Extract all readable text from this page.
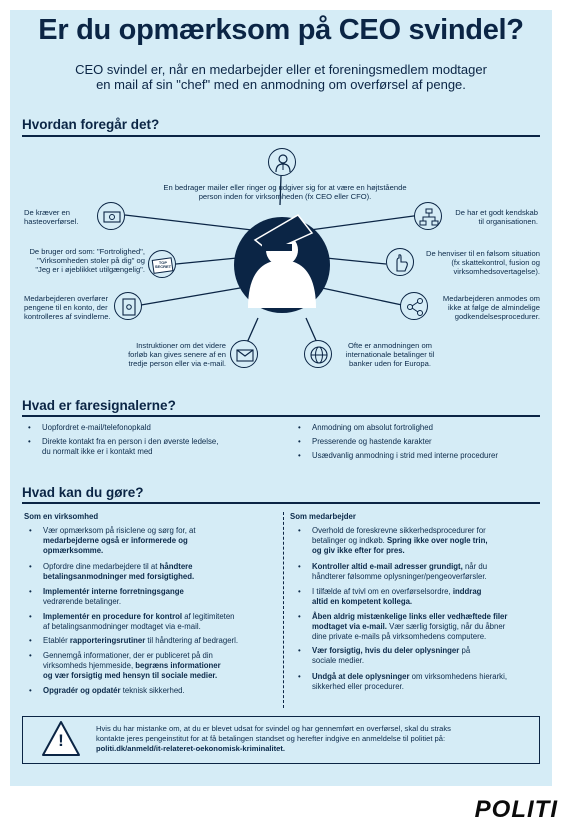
Er du opmærksom på CEO svindel?
CEO svindel er, når en medarbejder eller et foreningsmedlem modtager
en mail af sin "chef" med en anmodning om overførsel af penge.
Hvordan foregår det?
TOP
SECRET
En bedrager mailer eller ringer og udgiver sig for at være en højtstående
person inden for virksomheden (fx CEO eller CFO).
De kræver en
hasteoverførsel.
De bruger ord som: "Fortrolighed",
"Virksomheden stoler på dig" og
"Jeg er i øjeblikket utilgængelig".
Medarbejderen overfører
pengene til en konto, der
kontrolleres af svindlerne.
De har et godt kendskab
til organisationen.
De henviser til en følsom situation
(fx skattekontrol, fusion og
virksomhedsovertagelse).
Medarbejderen anmodes om
ikke at følge de almindelige
godkendelsesprocedurer.
Instruktioner om det videre
forløb kan gives senere af en
tredje person eller via e-mail.
Ofte er anmodningen om
internationale betalinger til
banker uden for Europa.
Hvad er faresignalerne?
• Uopfordret e-mail/telefonopkald
• Direkte kontakt fra en person i den øverste ledelse,
du normalt ikke er i kontakt med
• Anmodning om absolut fortrolighed
• Presserende og hastende karakter
• Usædvanlig anmodning i strid med interne procedurer
Hvad kan du gøre?
Som en virksomhed	Som medarbejder
• Vær opmærksom på risicIene og sørg for, at
medarbejderne også er informerede og
opmærksomme.
• Opfordre dine medarbejdere til at håndtere
betalingsanmodninger med forsigtighed.
• Implementér interne forretningsgange
vedrørende betalinger.
• Implementér en procedure for kontrol af legitimiteten
af betalingsanmodninger modtaget via e-mail.
• Etablér rapporteringsrutiner til håndtering af bedragerl.
• Gennemgå informationer, der er publiceret på din
virksomheds hjemmeside, begræns informationer
og vær forsigtig med hensyn til sociale medier.
• Opgradér og opdatér teknisk sikkerhed.
• Overhold de foreskrevne sikkerhedsprocedurer for
betalinger og indkøb. Spring ikke over nogle trin,
og giv ikke efter for pres.
• Kontroller altid e-mail adresser grundigt, når du
håndterer følsomme oplysninger/pengeoverførsler.
• I tilfælde af tvivl om en overførselsordre, inddrag
altid en kompetent kollega.
• Åben aldrig mistænkelige links eller vedhæftede filer
modtaget via e-mail. Vær særlig forsigtig, når du åbner
dine private e-mails på virksomhedens computere.
• Vær forsigtig, hvis du deler oplysninger på
sociale medier.
• Undgå at dele oplysninger om virksomhedens hierarki,
sikkerhed eller procedurer.
!
Hvis du har mistanke om, at du er blevet udsat for svindel og har gennemført en overførsel, skal du straks
kontakte jeres pengeinstitut for at få betalingen standset og herefter indgive en anmeldelse til politiet på:
politi.dk/anmeld/it-relateret-oekonomisk-kriminalitet.
POLITI
